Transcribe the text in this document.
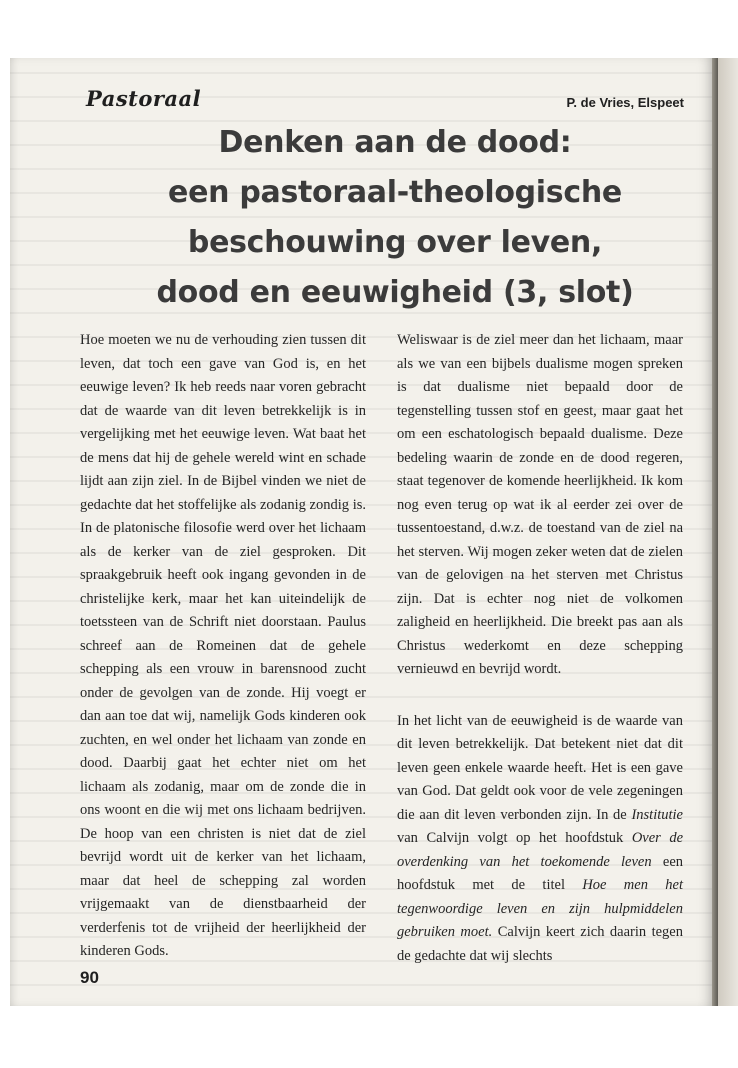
Pastoraal	P. de Vries, Elspeet
Denken aan de dood:
een pastoraal-theologische
beschouwing over leven,
dood en eeuwigheid (3, slot)

Hoe moeten we nu de verhouding zien tussen dit leven, dat toch een gave van God is, en het eeuwige leven? Ik heb reeds naar voren gebracht dat de waarde van dit leven betrekkelijk is in vergelijking met het eeuwige leven. Wat baat het de mens dat hij de gehele wereld wint en schade lijdt aan zijn ziel. In de Bijbel vinden we niet de gedachte dat het stoffelijke als zodanig zondig is. In de platonische filosofie werd over het lichaam als de kerker van de ziel gesproken. Dit spraakgebruik heeft ook ingang gevonden in de christelijke kerk, maar het kan uiteindelijk de toetssteen van de Schrift niet doorstaan. Paulus schreef aan de Romeinen dat de gehele schepping als een vrouw in barensnood zucht onder de gevolgen van de zonde. Hij voegt er dan aan toe dat wij, namelijk Gods kinderen ook zuchten, en wel onder het lichaam van zonde en dood. Daarbij gaat het echter niet om het lichaam als zodanig, maar om de zonde die in ons woont en die wij met ons lichaam bedrijven. De hoop van een christen is niet dat de ziel bevrijd wordt uit de kerker van het lichaam, maar dat heel de schepping zal worden vrijgemaakt van de dienstbaarheid der verderfenis tot de vrijheid der heerlijkheid der kinderen Gods.

Weliswaar is de ziel meer dan het lichaam, maar als we van een bijbels dualisme mogen spreken is dat dualisme niet bepaald door de tegenstelling tussen stof en geest, maar gaat het om een eschatologisch bepaald dualisme. Deze bedeling waarin de zonde en de dood regeren, staat tegenover de komende heerlijkheid. Ik kom nog even terug op wat ik al eerder zei over de tussentoestand, d.w.z. de toestand van de ziel na het sterven. Wij mogen zeker weten dat de zielen van de gelovigen na het sterven met Christus zijn. Dat is echter nog niet de volkomen zaligheid en heerlijkheid. Die breekt pas aan als Christus wederkomt en deze schepping vernieuwd en bevrijd wordt.

In het licht van de eeuwigheid is de waarde van dit leven betrekkelijk. Dat betekent niet dat dit leven geen enkele waarde heeft. Het is een gave van God. Dat geldt ook voor de vele zegeningen die aan dit leven verbonden zijn. In de Institutie van Calvijn volgt op het hoofdstuk Over de overdenking van het toekomende leven een hoofdstuk met de titel Hoe men het tegenwoordige leven en zijn hulpmiddelen gebruiken moet. Calvijn keert zich daarin tegen de gedachte dat wij slechts

90
